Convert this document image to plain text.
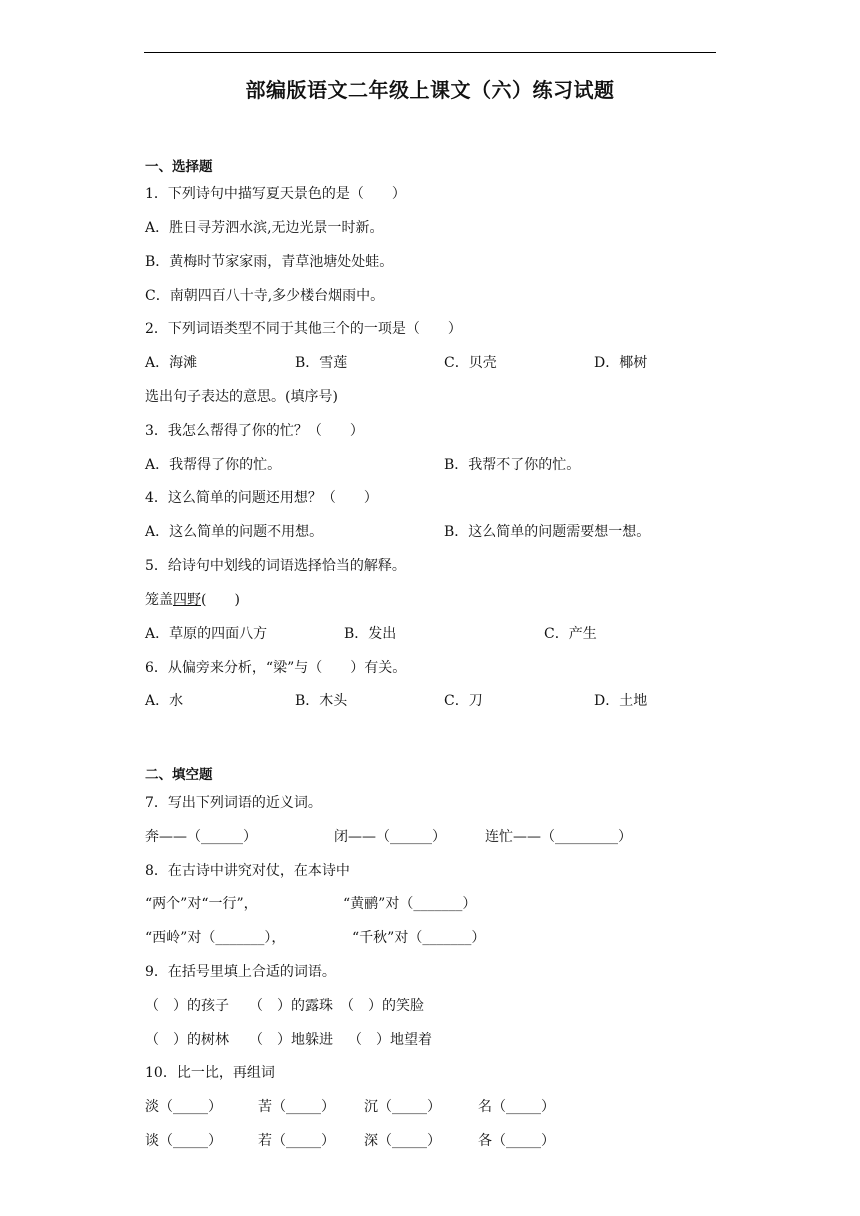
部编版语文二年级上课文（六）练习试题
一、选择题
1．下列诗句中描写夏天景色的是（　　）
A．胜日寻芳泗水滨,无边光景一时新。
B．黄梅时节家家雨，青草池塘处处蛙。
C．南朝四百八十寺,多少楼台烟雨中。
2．下列词语类型不同于其他三个的一项是（　　）
A．海滩	B．雪莲	C．贝壳	D．椰树
选出句子表达的意思。(填序号)
3．我怎么帮得了你的忙？（　　）
A．我帮得了你的忙。	B．我帮不了你的忙。
4．这么简单的问题还用想？（　　）
A．这么简单的问题不用想。	B．这么简单的问题需要想一想。
5．给诗句中划线的词语选择恰当的解释。
笼盖四野(　　)
A．草原的四面八方	B．发出	C．产生
6．从偏旁来分析，“梁”与（　　）有关。
A．水	B．木头	C．刀	D．土地
二、填空题
7．写出下列词语的近义词。
奔——（______）	闭——（______）	连忙——（_________）
8．在古诗中讲究对仗，在本诗中
“两个”对“一行”，	“黄鹂”对（_______）
“西岭”对（_______），	“千秋”对（_______）
9．在括号里填上合适的词语。
（　）的孩子 （　）的露珠 （　）的笑脸
（　）的树林 （　）地躲进 （　）地望着
10．比一比，再组词
淡（_____）	苦（_____） 沉（_____）	名（_____）
谈（_____）	若（_____） 深（_____）	各（_____）
